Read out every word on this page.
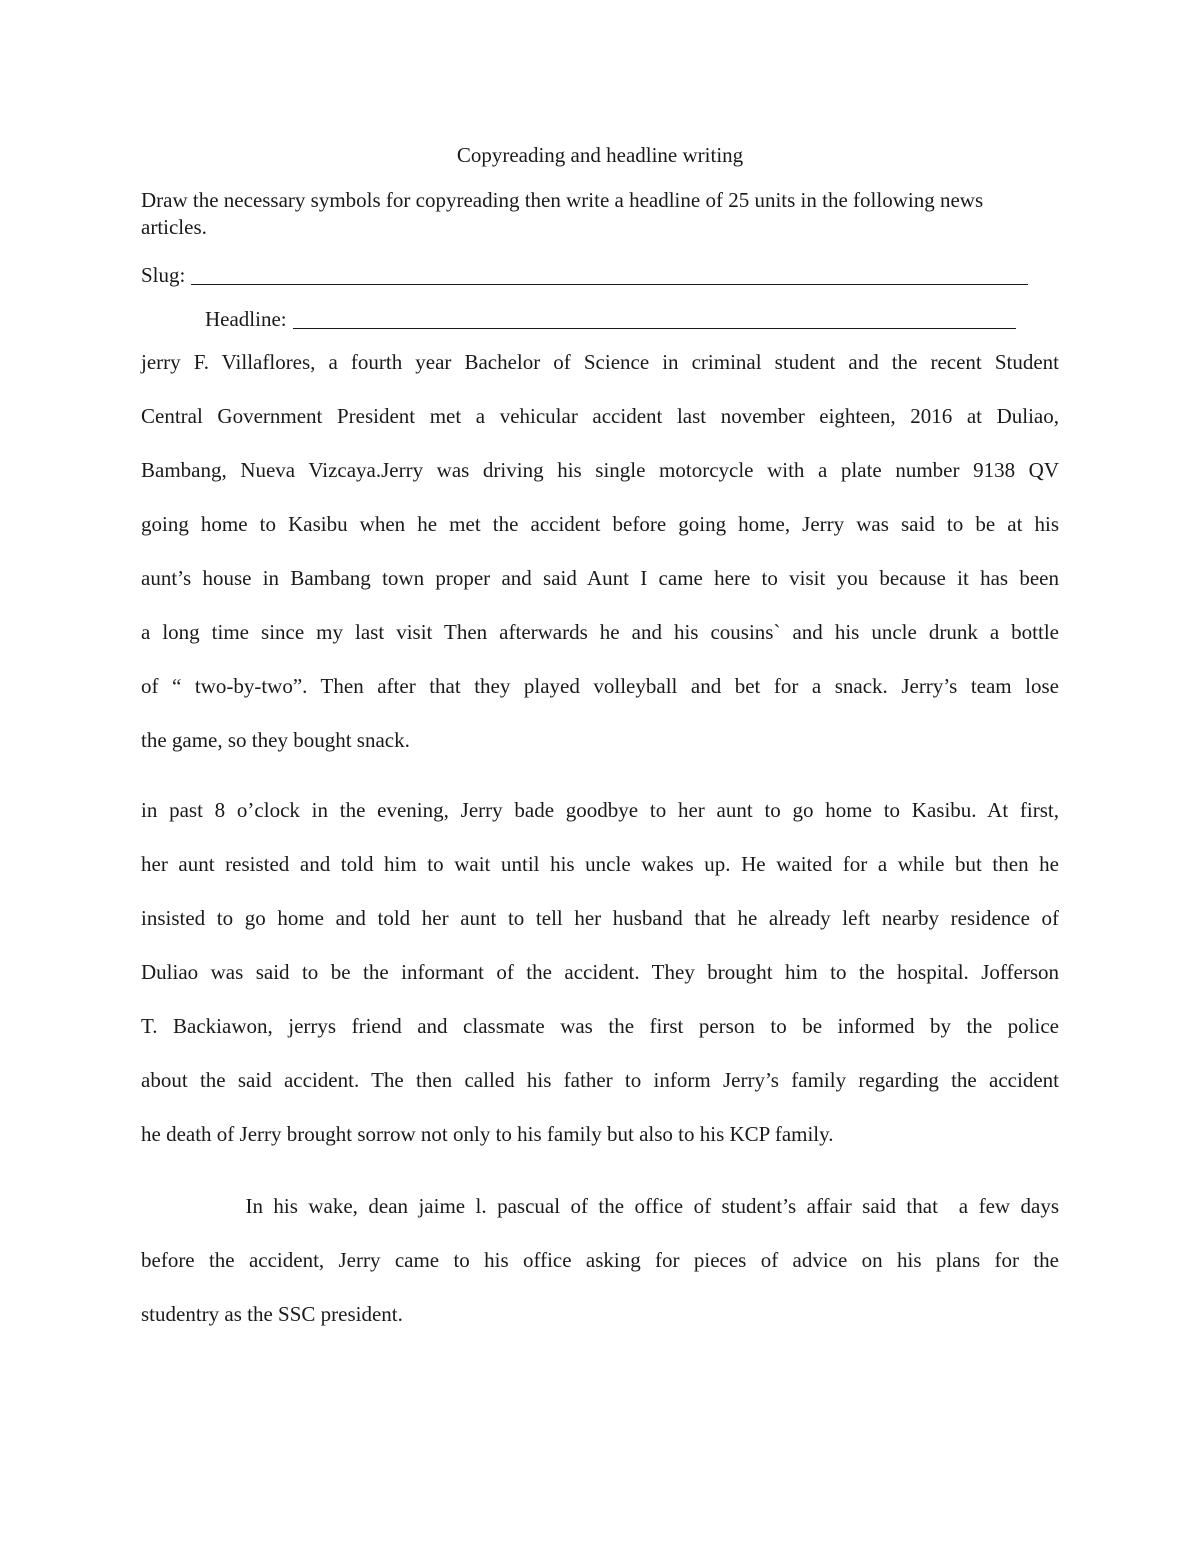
Copyreading and headline writing
Draw the necessary symbols for copyreading then write a headline of 25 units in the following news articles.
Slug:
Headline:
jerry F. Villaflores, a fourth year Bachelor of Science in criminal student and the recent Student
Central Government President met a vehicular accident last november eighteen, 2016 at Duliao,
Bambang, Nueva Vizcaya.Jerry was driving his single motorcycle with a plate number 9138 QV
going home to Kasibu when he met the accident before going home, Jerry was said to be at his
aunt’s house in Bambang town proper and said Aunt I came here to visit you because it has been
a long time since my last visit Then afterwards he and his cousins` and his uncle drunk a bottle
of “ two-by-two”. Then after that they played volleyball and bet for a snack. Jerry’s team lose
the game, so they bought snack.
in past 8 o’clock in the evening, Jerry bade goodbye to her aunt to go home to Kasibu. At first,
her aunt resisted and told him to wait until his uncle wakes up. He waited for a while but then he
insisted to go home and told her aunt to tell her husband that he already left nearby residence of
Duliao was said to be the informant of the accident. They brought him to the hospital. Jofferson
T. Backiawon, jerrys friend and classmate was the first person to be informed by the police
about the said accident. The then called his father to inform Jerry’s family regarding the accident
he death of Jerry brought sorrow not only to his family but also to his KCP family.
In his wake, dean jaime l. pascual of the office of student’s affair said that  a few days
before the accident, Jerry came to his office asking for pieces of advice on his plans for the
studentry as the SSC president.
